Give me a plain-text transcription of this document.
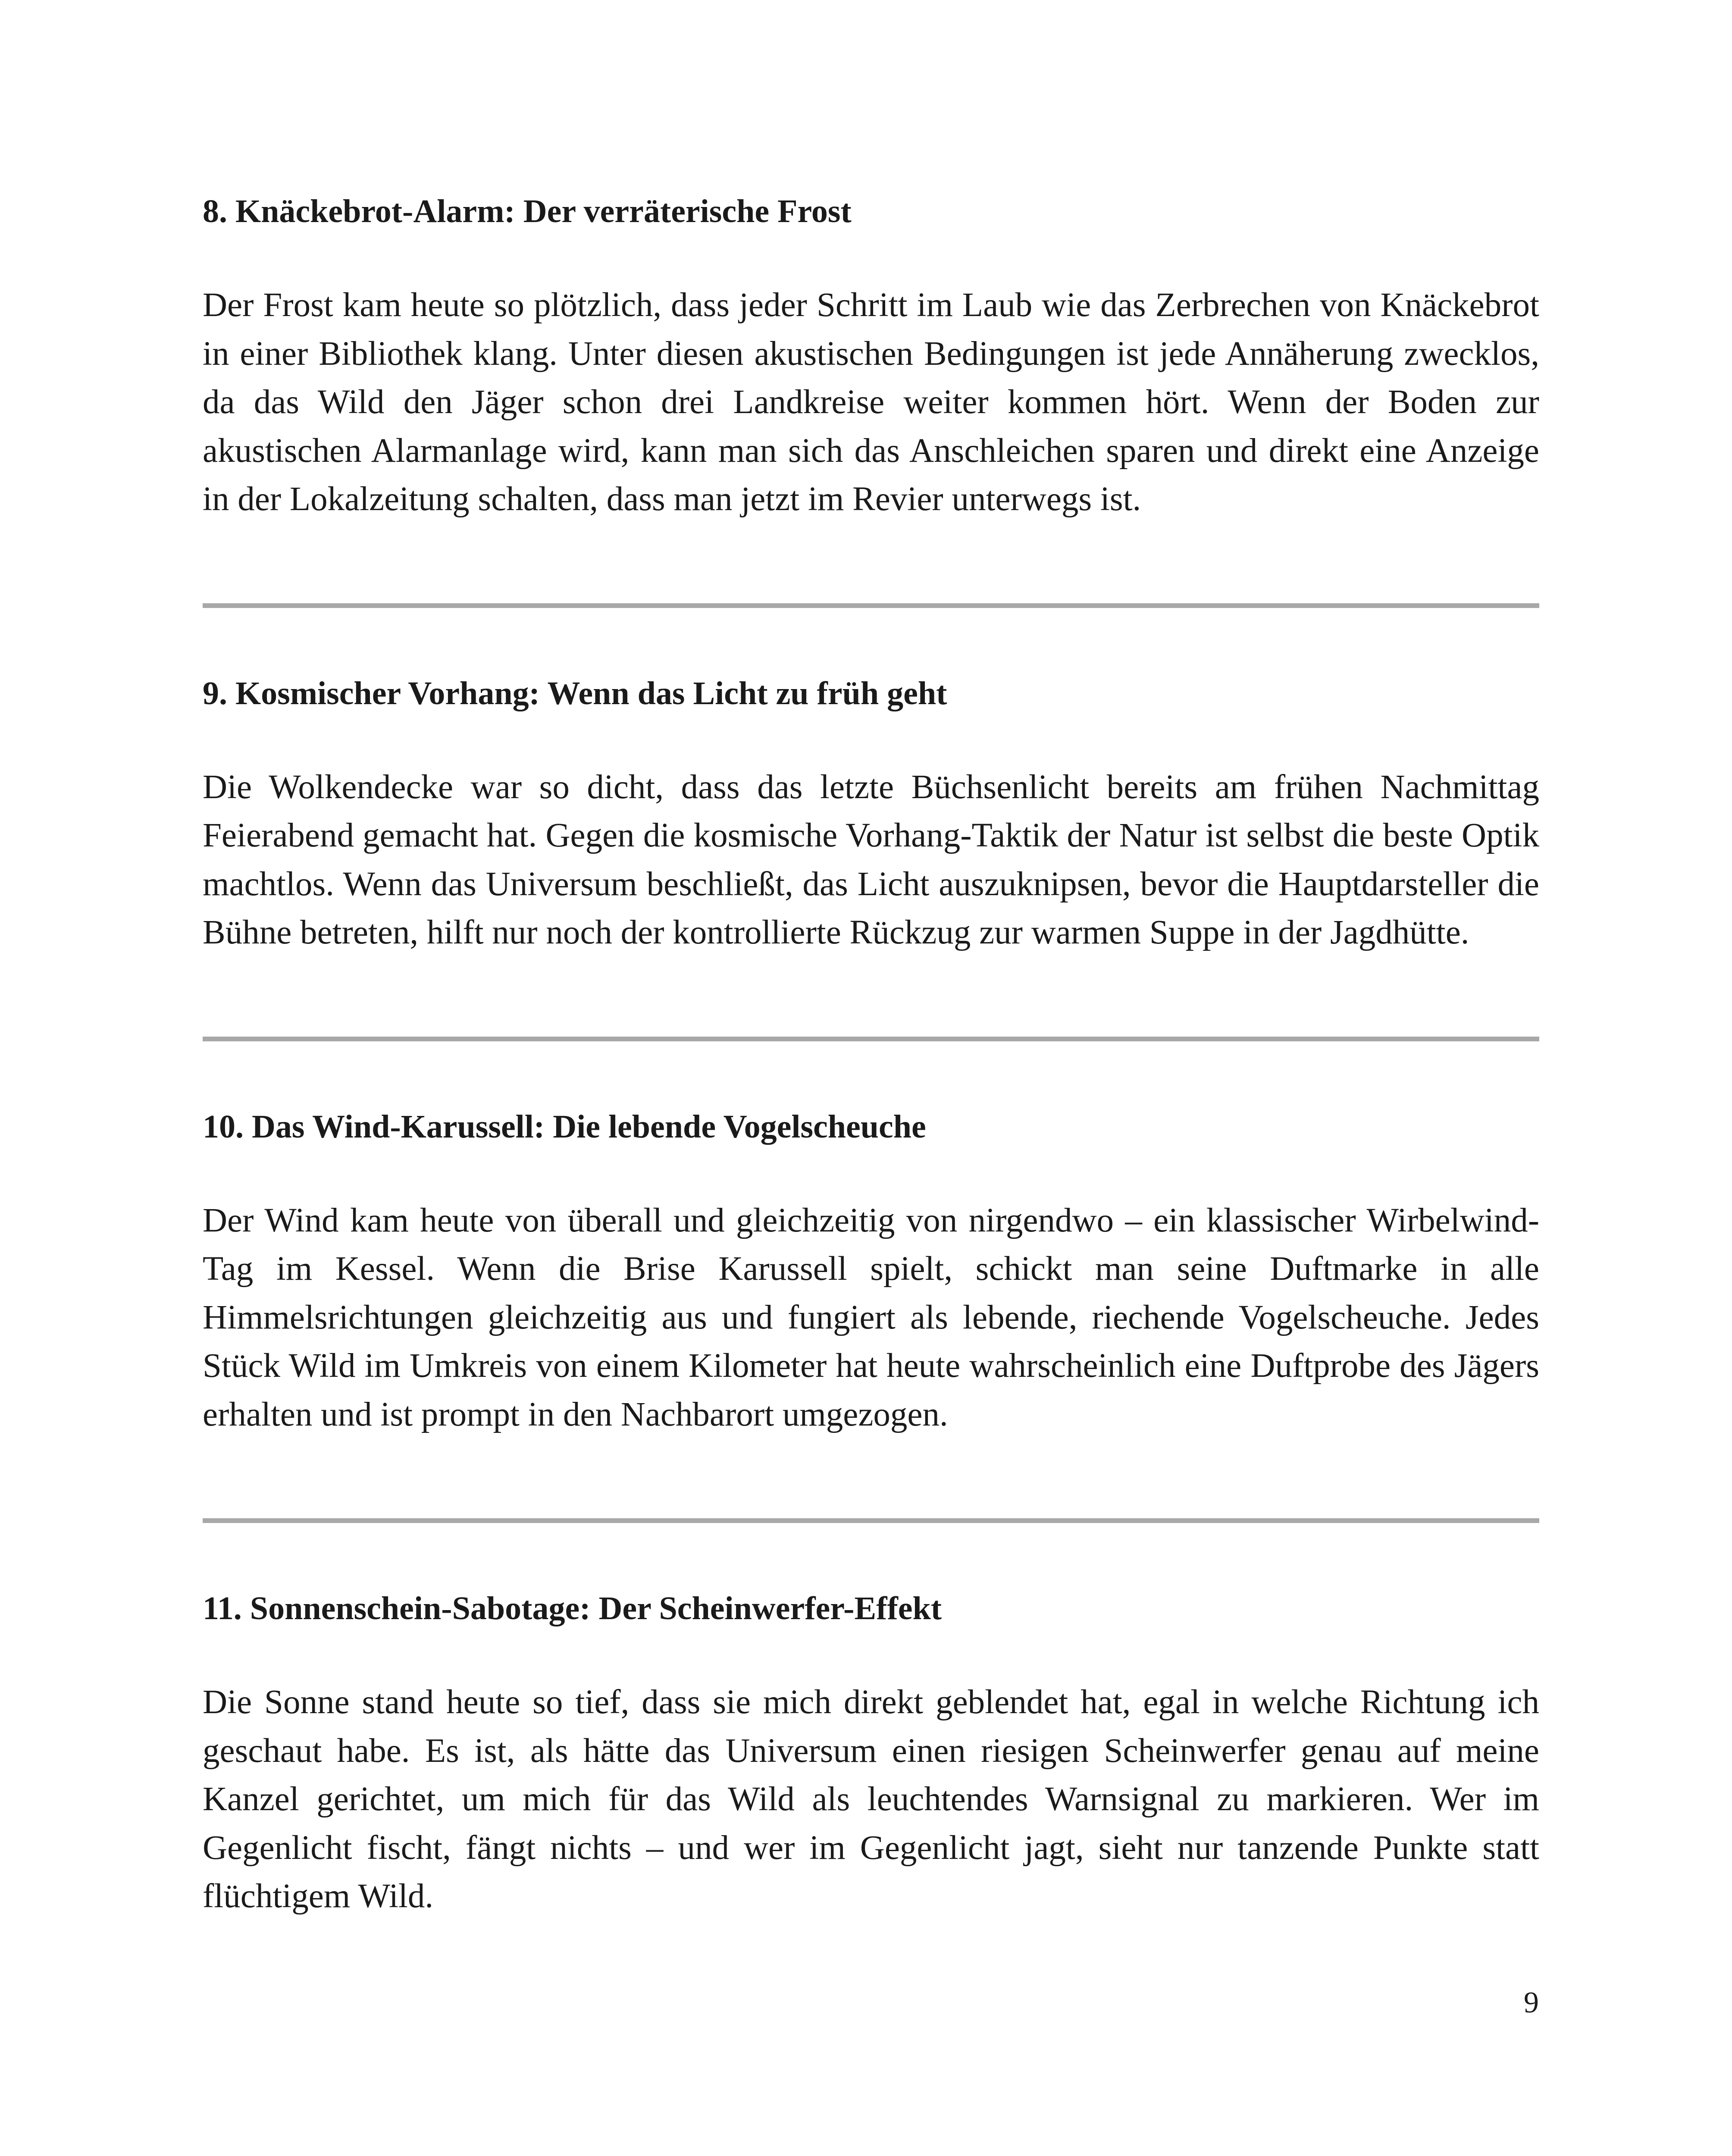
8. Knäckebrot-Alarm: Der verräterische Frost

Der Frost kam heute so plötzlich, dass jeder Schritt im Laub wie das Zerbrechen von Knäckebrot in einer Bibliothek klang. Unter diesen akustischen Bedingungen ist jede Annäherung zwecklos, da das Wild den Jäger schon drei Landkreise weiter kommen hört. Wenn der Boden zur akustischen Alarmanlage wird, kann man sich das Anschleichen sparen und direkt eine Anzeige in der Lokalzeitung schalten, dass man jetzt im Revier unterwegs ist.

9. Kosmischer Vorhang: Wenn das Licht zu früh geht

Die Wolkendecke war so dicht, dass das letzte Büchsenlicht bereits am frühen Nachmittag Feierabend gemacht hat. Gegen die kosmische Vorhang-Taktik der Natur ist selbst die beste Optik machtlos. Wenn das Universum beschließt, das Licht auszuknipsen, bevor die Hauptdarsteller die Bühne betreten, hilft nur noch der kontrollierte Rückzug zur warmen Suppe in der Jagdhütte.

10. Das Wind-Karussell: Die lebende Vogelscheuche

Der Wind kam heute von überall und gleichzeitig von nirgendwo – ein klassischer Wirbelwind-Tag im Kessel. Wenn die Brise Karussell spielt, schickt man seine Duftmarke in alle Himmelsrichtungen gleichzeitig aus und fungiert als lebende, riechende Vogelscheuche. Jedes Stück Wild im Umkreis von einem Kilometer hat heute wahrscheinlich eine Duftprobe des Jägers erhalten und ist prompt in den Nachbarort umgezogen.

11. Sonnenschein-Sabotage: Der Scheinwerfer-Effekt

Die Sonne stand heute so tief, dass sie mich direkt geblendet hat, egal in welche Richtung ich geschaut habe. Es ist, als hätte das Universum einen riesigen Scheinwerfer genau auf meine Kanzel gerichtet, um mich für das Wild als leuchtendes Warnsignal zu markieren. Wer im Gegenlicht fischt, fängt nichts – und wer im Gegenlicht jagt, sieht nur tanzende Punkte statt flüchtigem Wild.

9
